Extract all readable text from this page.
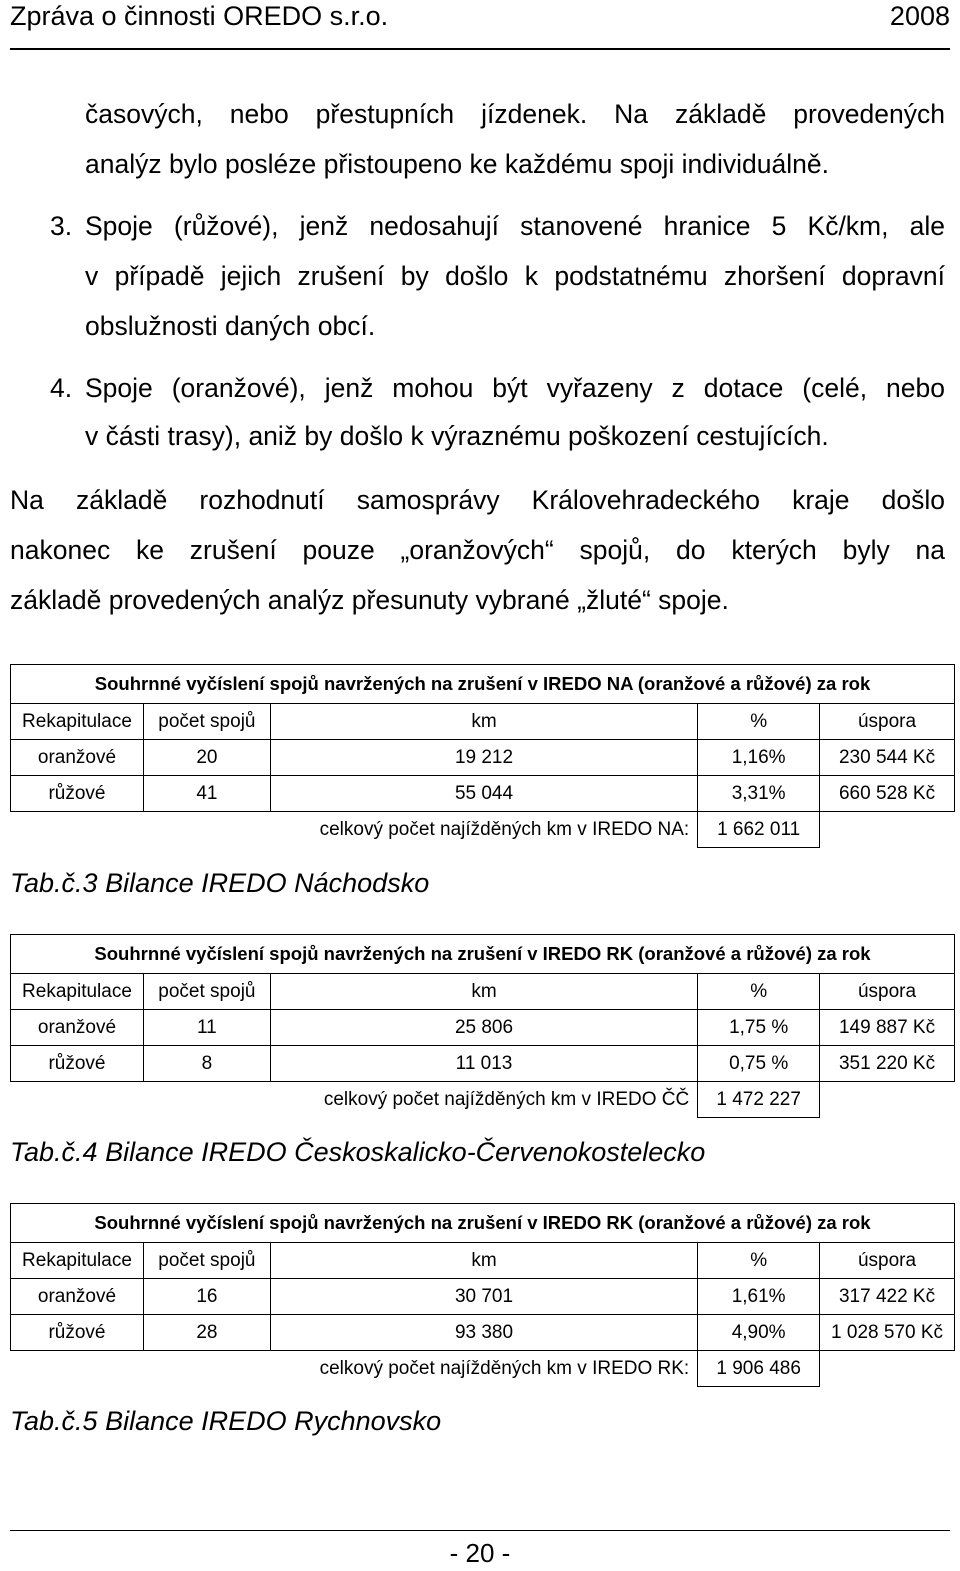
Zpráva o činnosti OREDO s.r.o.	2008
časových, nebo přestupních jízdenek. Na základě provedených
analýz bylo posléze přistoupeno ke každému spoji individuálně.
3. Spoje (růžové), jenž nedosahují stanovené hranice 5 Kč/km, ale
v případě jejich zrušení by došlo k podstatnému zhoršení dopravní
obslužnosti daných obcí.
4. Spoje (oranžové), jenž mohou být vyřazeny z dotace (celé, nebo
v části trasy), aniž by došlo k výraznému poškození cestujících.
Na základě rozhodnutí samosprávy Královehradeckého kraje došlo
nakonec ke zrušení pouze „oranžových“ spojů, do kterých byly na
základě provedených analýz přesunuty vybrané „žluté“ spoje.
Souhrnné vyčíslení spojů navržených na zrušení v IREDO NA (oranžové a růžové) za rok				
Rekapitulace	počet spojů	km	%	úspora
oranžové	20	19 212	1,16%	230 544 Kč
růžové	41	55 044	3,31%	660 528 Kč
celkový počet najížděných km v IREDO NA:			1 662 011	
Tab.č.3 Bilance IREDO Náchodsko
Souhrnné vyčíslení spojů navržených na zrušení v IREDO RK (oranžové a růžové) za rok				
Rekapitulace	počet spojů	km	%	úspora
oranžové	11	25 806	1,75 %	149 887 Kč
růžové	8	11 013	0,75 %	351 220 Kč
celkový počet najížděných km v IREDO ČČ			1 472 227	
Tab.č.4 Bilance IREDO Českoskalicko-Červenokostelecko
Souhrnné vyčíslení spojů navržených na zrušení v IREDO RK (oranžové a růžové) za rok				
Rekapitulace	počet spojů	km	%	úspora
oranžové	16	30 701	1,61%	317 422 Kč
růžové	28	93 380	4,90%	1 028 570 Kč
celkový počet najížděných km v IREDO RK:			1 906 486	
Tab.č.5 Bilance IREDO Rychnovsko
- 20 -
